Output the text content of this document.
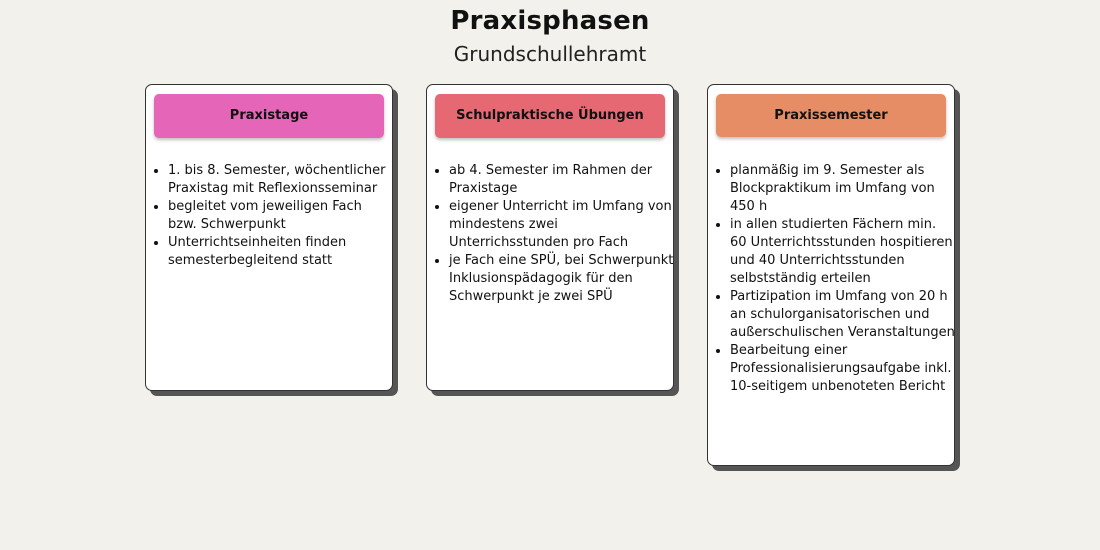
Praxisphasen
Grundschullehramt
Praxistage
• 1. bis 8. Semester, wöchentlicher Praxistag mit Reflexionsseminar
• begleitet vom jeweiligen Fach bzw. Schwerpunkt
• Unterrichtseinheiten finden semesterbegleitend statt
Schulpraktische Übungen
• ab 4. Semester im Rahmen der Praxistage
• eigener Unterricht im Umfang von mindestens zwei Unterrichsstunden pro Fach
• je Fach eine SPÜ, bei Schwerpunkt Inklusionspädagogik für den Schwerpunkt je zwei SPÜ
Praxissemester
• planmäßig im 9. Semester als Blockpraktikum im Umfang von 450 h
• in allen studierten Fächern min. 60 Unterrichtsstunden hospitieren und 40 Unterrichtsstunden selbstständig erteilen
• Partizipation im Umfang von 20 h an schulorganisatorischen und außerschulischen Veranstaltungen
• Bearbeitung einer Professionalisierungsaufgabe inkl. 10-seitigem unbenoteten Bericht
